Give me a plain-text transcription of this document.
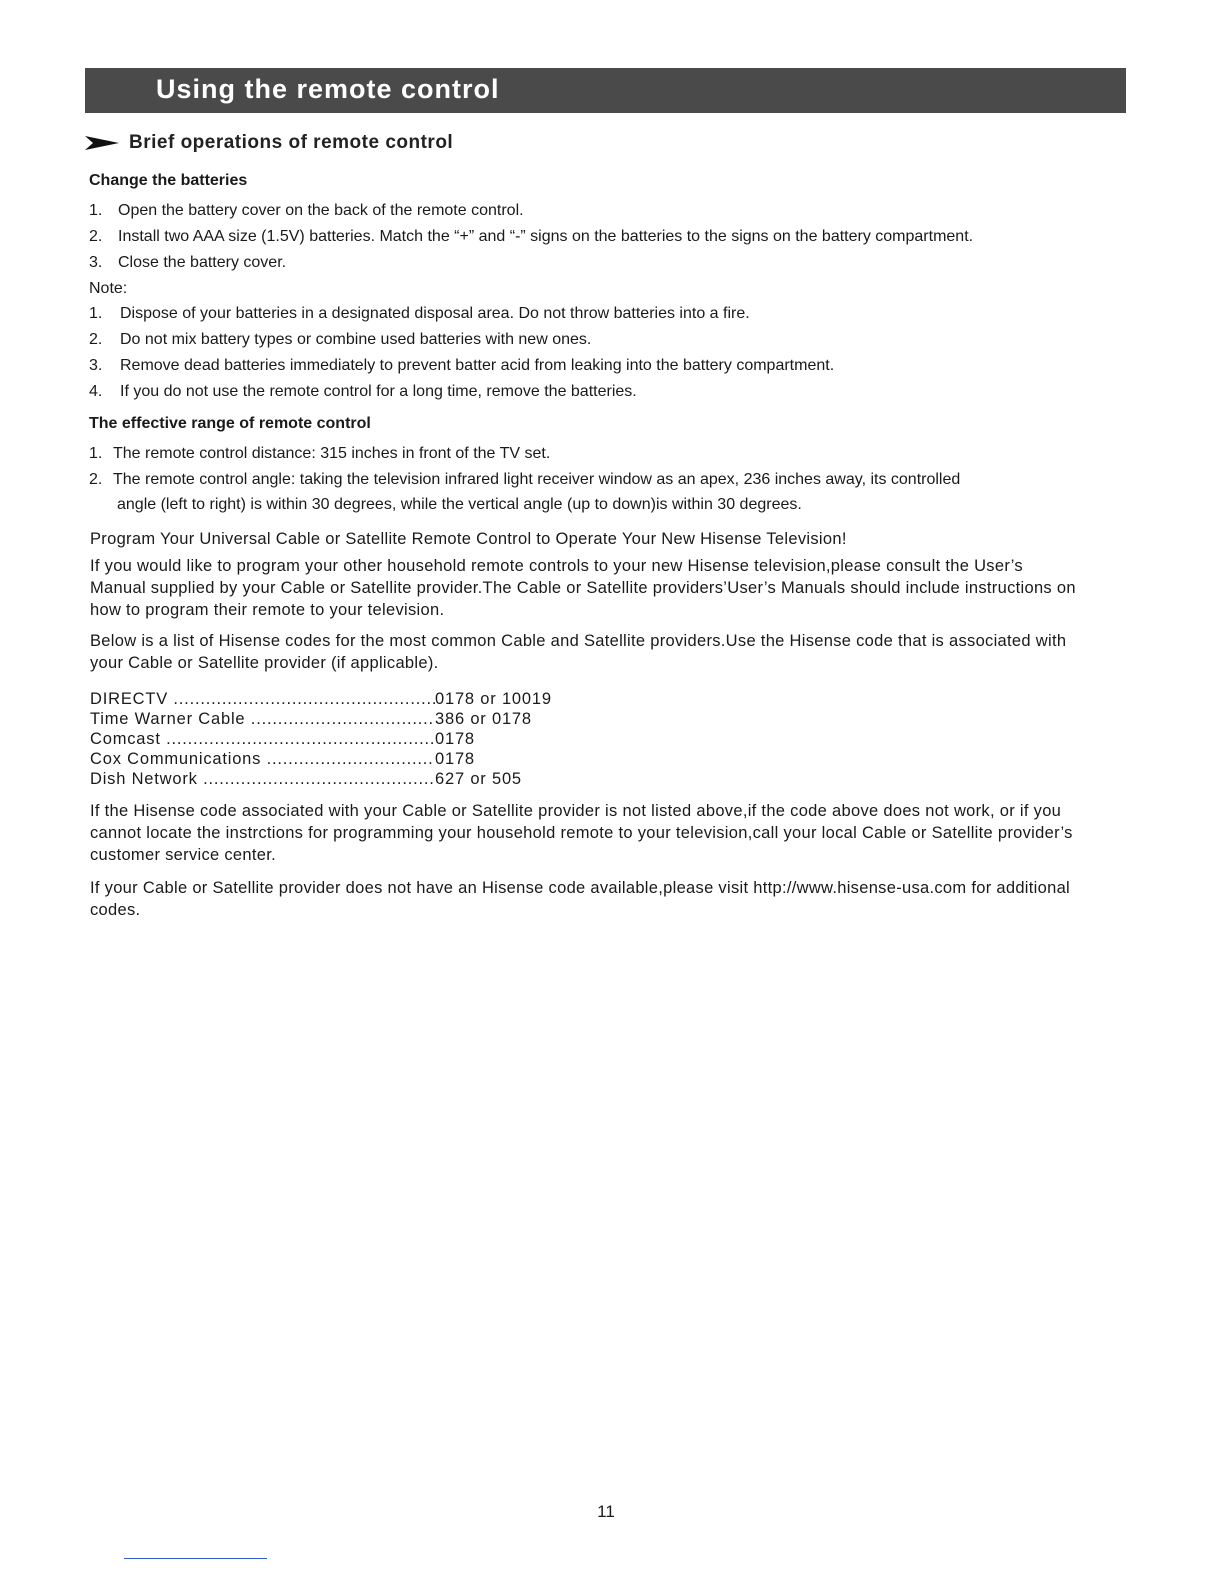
Using the remote control
Brief operations of remote control
Change the batteries
1. Open the battery cover on the back of the remote control.
2. Install two AAA size (1.5V) batteries. Match the “+” and “-” signs on the batteries to the signs on the battery compartment.
3. Close the battery cover.
Note:
1. Dispose of your batteries in a designated disposal area. Do not throw batteries into a fire.
2. Do not mix battery types or combine used batteries with new ones.
3. Remove dead batteries immediately to prevent batter acid from leaking into the battery compartment.
4. If you do not use the remote control for a long time, remove the batteries.
The effective range of remote control
1. The remote control distance: 315 inches in front of the TV set.
2. The remote control angle: taking the television infrared light receiver window as an apex, 236 inches away, its controlled
angle (left to right) is within 30 degrees, while the vertical angle (up to down)is within 30 degrees.
Program Your Universal Cable or Satellite Remote Control to Operate Your New Hisense Television!
If you would like to program your other household remote controls to your new Hisense television,please consult the User’s Manual supplied by your Cable or Satellite provider.The Cable or Satellite providers’User’s Manuals should include instructions on how to program their remote to your television.
Below is a list of Hisense codes for the most common Cable and Satellite providers.Use the Hisense code that is associated with your Cable or Satellite provider (if applicable).
DIRECTV .....	0178 or 10019
Time Warner Cable .....	386 or 0178
Comcast .....	0178
Cox Communications .....	0178
Dish Network .....	627 or 505
If the Hisense code associated with your Cable or Satellite provider is not listed above,if the code above does not work, or if you cannot locate the instrctions for programming your household remote to your television,call your local Cable or Satellite provider’s customer service center.
If your Cable or Satellite provider does not have an Hisense code available,please visit http://www.hisense-usa.com for additional codes.
11
